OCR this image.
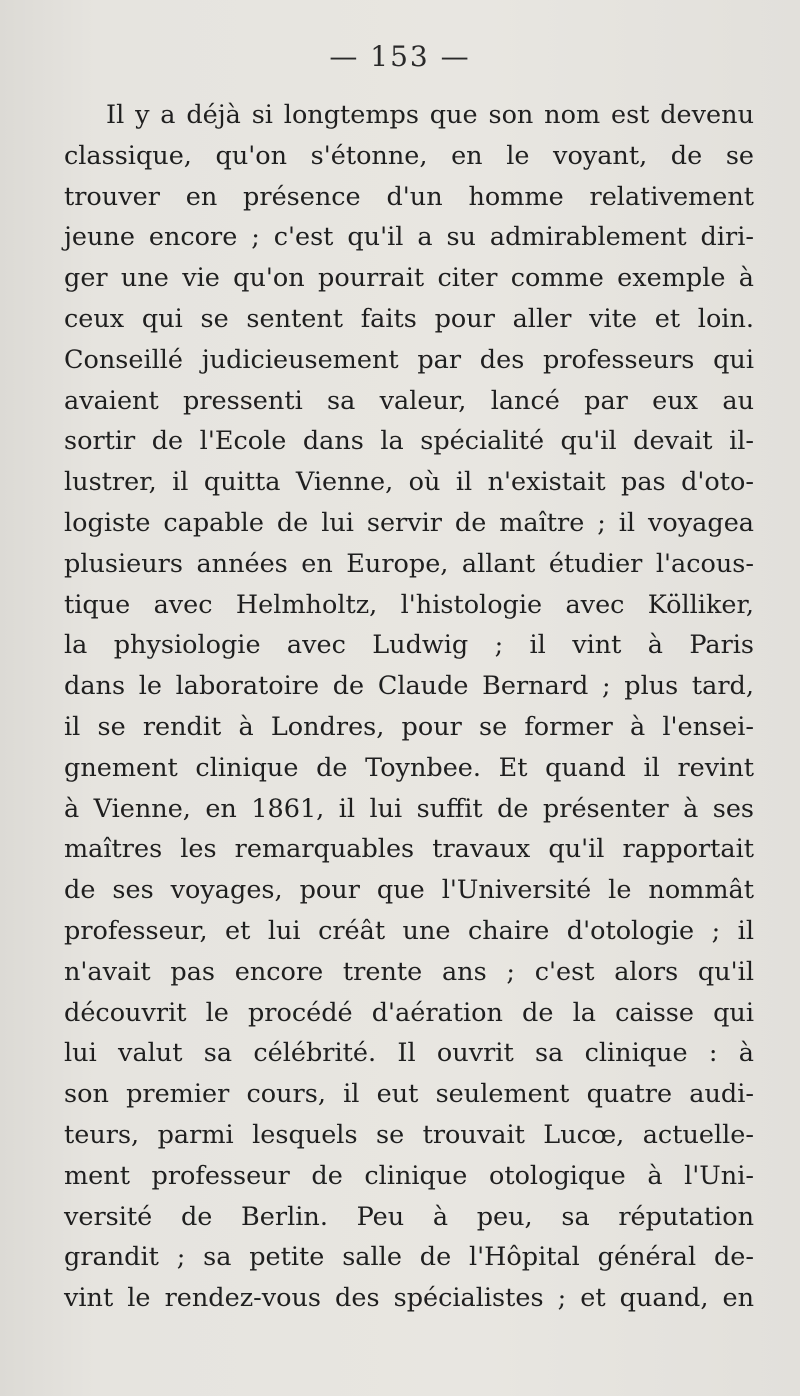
— 153 —
Il y a déjà si longtemps que son nom est devenu
classique, qu'on s'étonne, en le voyant, de se
trouver en présence d'un homme relativement
jeune encore ; c'est qu'il a su admirablement diri-
ger une vie qu'on pourrait citer comme exemple à
ceux qui se sentent faits pour aller vite et loin.
Conseillé judicieusement par des professeurs qui
avaient pressenti sa valeur, lancé par eux au
sortir de l'Ecole dans la spécialité qu'il devait il-
lustrer, il quitta Vienne, où il n'existait pas d'oto-
logiste capable de lui servir de maître ; il voyagea
plusieurs années en Europe, allant étudier l'acous-
tique avec Helmholtz, l'histologie avec Kölliker,
la physiologie avec Ludwig ; il vint à Paris
dans le laboratoire de Claude Bernard ; plus tard,
il se rendit à Londres, pour se former à l'ensei-
gnement clinique de Toynbee. Et quand il revint
à Vienne, en 1861, il lui suffit de présenter à ses
maîtres les remarquables travaux qu'il rapportait
de ses voyages, pour que l'Université le nommât
professeur, et lui créât une chaire d'otologie ; il
n'avait pas encore trente ans ; c'est alors qu'il
découvrit le procédé d'aération de la caisse qui
lui valut sa célébrité. Il ouvrit sa clinique : à
son premier cours, il eut seulement quatre audi-
teurs, parmi lesquels se trouvait Lucœ, actuelle-
ment professeur de clinique otologique à l'Uni-
versité de Berlin. Peu à peu, sa réputation
grandit ; sa petite salle de l'Hôpital général de-
vint le rendez-vous des spécialistes ; et quand, en
